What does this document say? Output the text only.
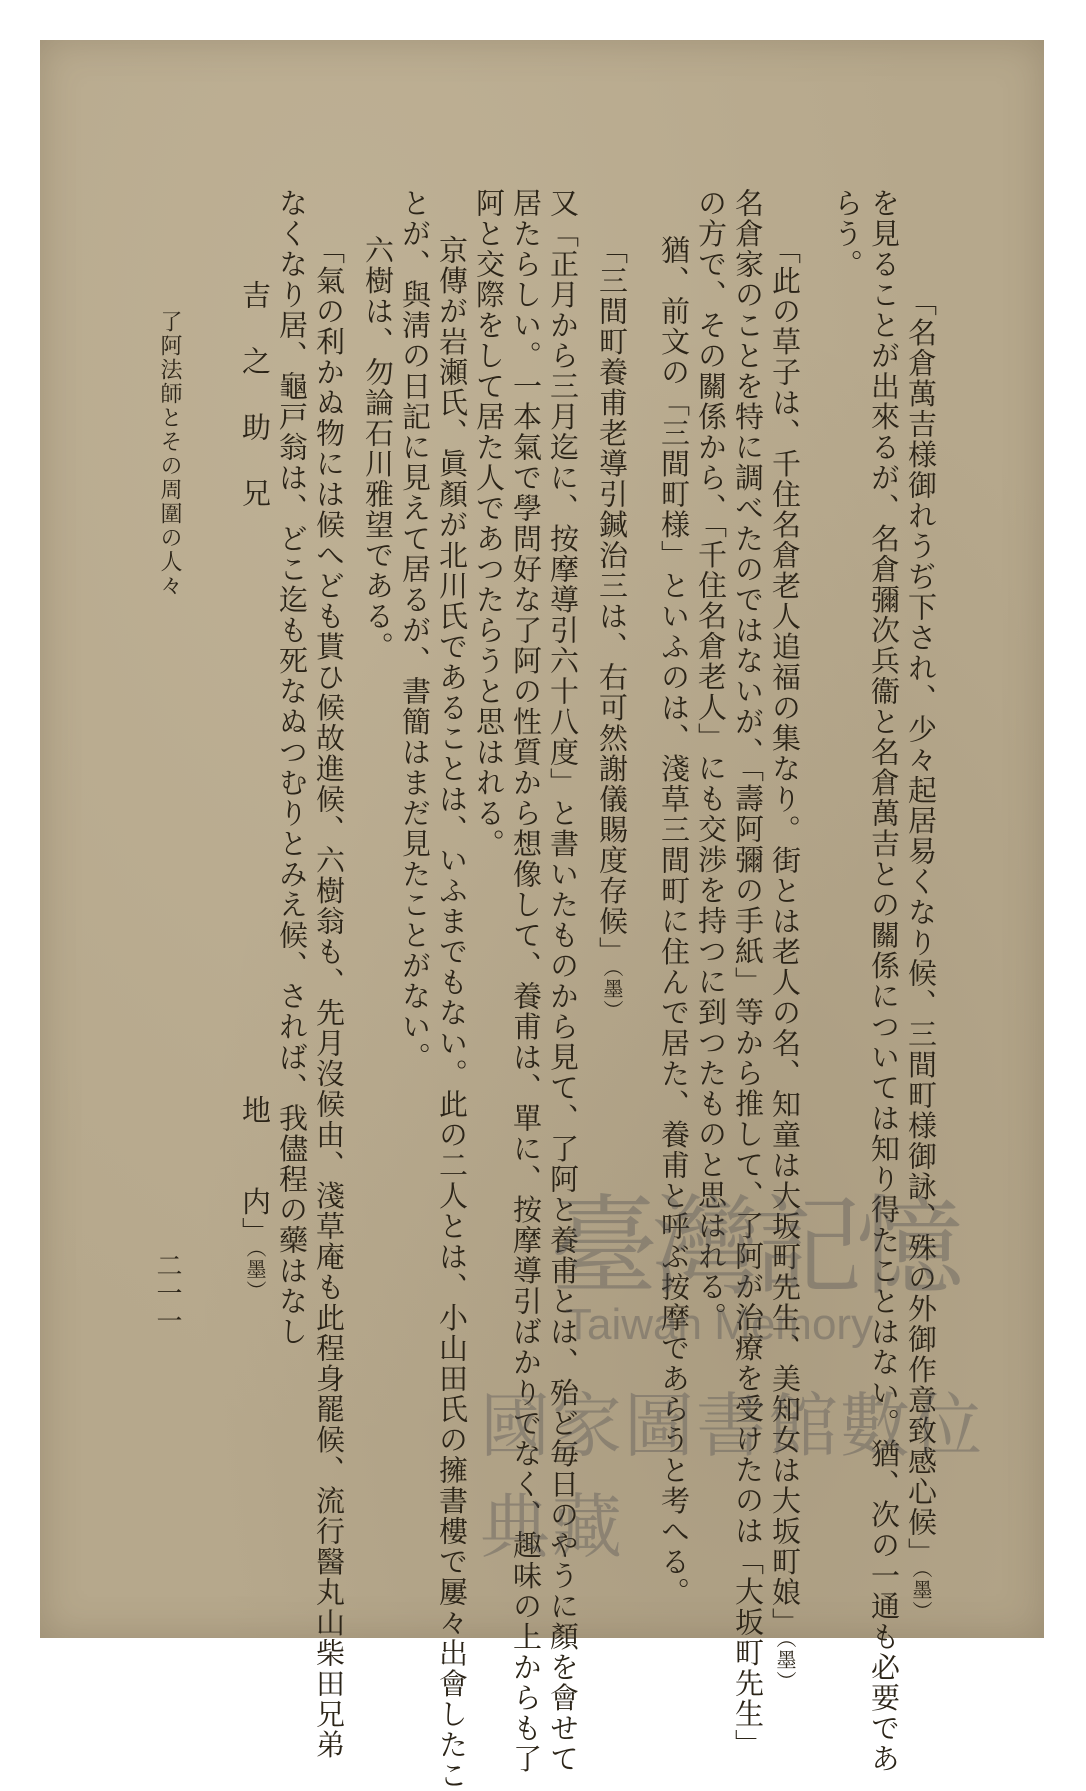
「名倉萬吉様御れうぢ下され、少々起居易くなり候、三間町様御詠、殊の外御作意致感心候」（墨）
を見ることが出來るが、名倉彌次兵衞と名倉萬吉との關係については知り得たことはない。猶、次の一通も必要であ
らう。
「此の草子は、千住名倉老人追福の集なり。街とは老人の名、知童は大坂町先生、美知女は大坂町娘」（墨）
名倉家のことを特に調べたのではないが、「壽阿彌の手紙」等から推して、了阿が治療を受けたのは「大坂町先生」
の方で、その關係から、「千住名倉老人」にも交渉を持つに到つたものと思はれる。
猶、前文の「三間町様」といふのは、淺草三間町に住んで居た、養甫と呼ぶ按摩であらうと考へる。
「三間町養甫老導引鍼治三は、右可然謝儀賜度存候」（墨）
又「正月から三月迄に、按摩導引六十八度」と書いたものから見て、了阿と養甫とは、殆ど毎日のやうに顏を會せて
居たらしい。一本氣で學問好な了阿の性質から想像して、養甫は、單に、按摩導引ばかりでなく、趣味の上からも了
阿と交際をして居た人であつたらうと思はれる。
京傳が岩瀬氏、眞顏が北川氏であることは、いふまでもない。此の二人とは、小山田氏の擁書樓で屢々出會したこ
とが、與淸の日記に見えて居るが、書簡はまだ見たことがない。
六樹は、勿論石川雅望である。
「氣の利かぬ物には候へども貰ひ候故進候、六樹翁も、先月沒候由、淺草庵も此程身罷候、流行醫丸山柴田兄弟
なくなり居、龜戸翁は、どこ迄も死なぬつむりとみえ候、されば、我儘程の藥はなし
吉　之　助　兄
地　　内」（墨）
了阿法師とその周圍の人々
二一一	臺灣記憶
Taiwan Memory
國家圖書館數位典藏
